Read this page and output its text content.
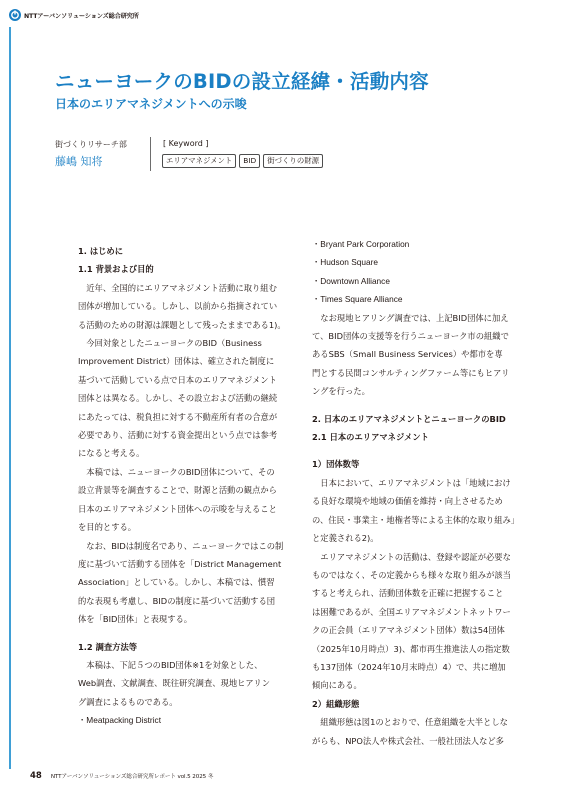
NTTアーバンソリューションズ総合研究所
ニューヨークのBIDの設立経緯・活動内容
日本のエリアマネジメントへの示唆
街づくりリサーチ部
藤嶋 知将
[ Keyword ]
エリアマネジメント	BID	街づくりの財源

1. はじめに

1.1 背景および目的

　近年、全国的にエリアマネジメント活動に取り組む
団体が増加している。しかし、以前から指摘されてい
る活動のための財源は課題として残ったままである1)。

　今回対象としたニューヨークのBID（Business
Improvement District）団体は、確立された制度に
基づいて活動している点で日本のエリアマネジメント
団体とは異なる。しかし、その設立および活動の継続
にあたっては、税負担に対する不動産所有者の合意が
必要であり、活動に対する資金提出という点では参考
になると考える。

　本稿では、ニューヨークのBID団体について、その
設立背景等を調査することで、財源と活動の観点から
日本のエリアマネジメント団体への示唆を与えること
を目的とする。

　なお、BIDは制度名であり、ニューヨークではこの制
度に基づいて活動する団体を「District Management
Association」としている。しかし、本稿では、慣習
的な表現も考慮し、BIDの制度に基づいて活動する団
体を「BID団体」と表現する。

1.2 調査方法等

　本稿は、下記５つのBID団体※1を対象とした、
Web調査、文献調査、既往研究調査、現地ヒアリン
グ調査によるものである。

・Meatpacking District

・Bryant Park Corporation

・Hudson Square

・Downtown Alliance

・Times Square Alliance

　なお現地ヒアリング調査では、上記BID団体に加え
て、BID団体の支援等を行うニューヨーク市の組織で
あるSBS（Small Business Services）や都市を専
門とする民間コンサルティングファーム等にもヒアリ
ングを行った。

2. 日本のエリアマネジメントとニューヨークのBID

2.1 日本のエリアマネジメント

1）団体数等

　日本において、エリアマネジメントは「地域におけ
る良好な環境や地域の価値を維持・向上させるため
の、住民・事業主・地権者等による主体的な取り組み」
と定義される2)。

　エリアマネジメントの活動は、登録や認証が必要な
ものではなく、その定義からも様々な取り組みが該当
すると考えられ、活動団体数を正確に把握すること
は困難であるが、全国エリアマネジメントネットワー
クの正会員（エリアマネジメント団体）数は54団体
（2025年10月時点）3)、都市再生推進法人の指定数
も137団体（2024年10月末時点）4）で、共に増加
傾向にある。

2）組織形態

　組織形態は図1のとおりで、任意組織を大半としな
がらも、NPO法人や株式会社、一般社団法人など多

48 NTTアーバンソリューションズ総合研究所レポート vol.5 2025 冬
